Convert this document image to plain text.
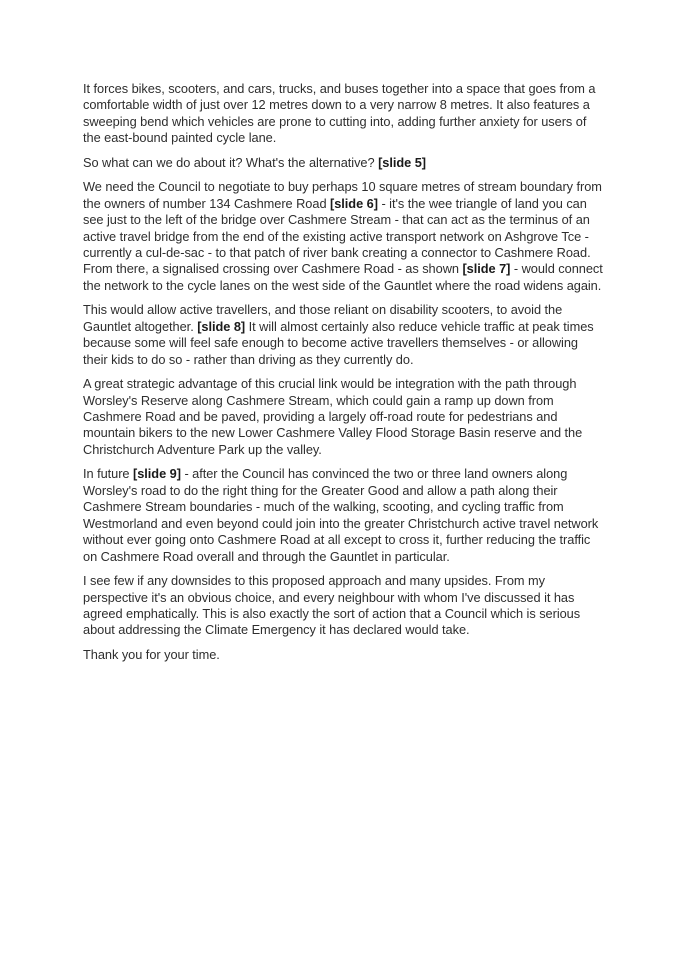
It forces bikes, scooters, and cars, trucks, and buses together into a space that goes from a comfortable width of just over 12 metres down to a very narrow 8 metres. It also features a sweeping bend which vehicles are prone to cutting into, adding further anxiety for users of the east-bound painted cycle lane.

So what can we do about it? What's the alternative? [slide 5]

We need the Council to negotiate to buy perhaps 10 square metres of stream boundary from the owners of number 134 Cashmere Road [slide 6] - it's the wee triangle of land you can see just to the left of the bridge over Cashmere Stream - that can act as the terminus of an active travel bridge from the end of the existing active transport network on Ashgrove Tce - currently a cul-de-sac - to that patch of river bank creating a connector to Cashmere Road. From there, a signalised crossing over Cashmere Road - as shown [slide 7] - would connect the network to the cycle lanes on the west side of the Gauntlet where the road widens again.

This would allow active travellers, and those reliant on disability scooters, to avoid the Gauntlet altogether. [slide 8] It will almost certainly also reduce vehicle traffic at peak times because some will feel safe enough to become active travellers themselves - or allowing their kids to do so - rather than driving as they currently do.

A great strategic advantage of this crucial link would be integration with the path through Worsley's Reserve along Cashmere Stream, which could gain a ramp up down from Cashmere Road and be paved, providing a largely off-road route for pedestrians and mountain bikers to the new Lower Cashmere Valley Flood Storage Basin reserve and the Christchurch Adventure Park up the valley.

In future [slide 9] - after the Council has convinced the two or three land owners along Worsley's road to do the right thing for the Greater Good and allow a path along their Cashmere Stream boundaries - much of the walking, scooting, and cycling traffic from Westmorland and even beyond could join into the greater Christchurch active travel network without ever going onto Cashmere Road at all except to cross it, further reducing the traffic on Cashmere Road overall and through the Gauntlet in particular.

I see few if any downsides to this proposed approach and many upsides. From my perspective it's an obvious choice, and every neighbour with whom I've discussed it has agreed emphatically. This is also exactly the sort of action that a Council which is serious about addressing the Climate Emergency it has declared would take.

Thank you for your time.
